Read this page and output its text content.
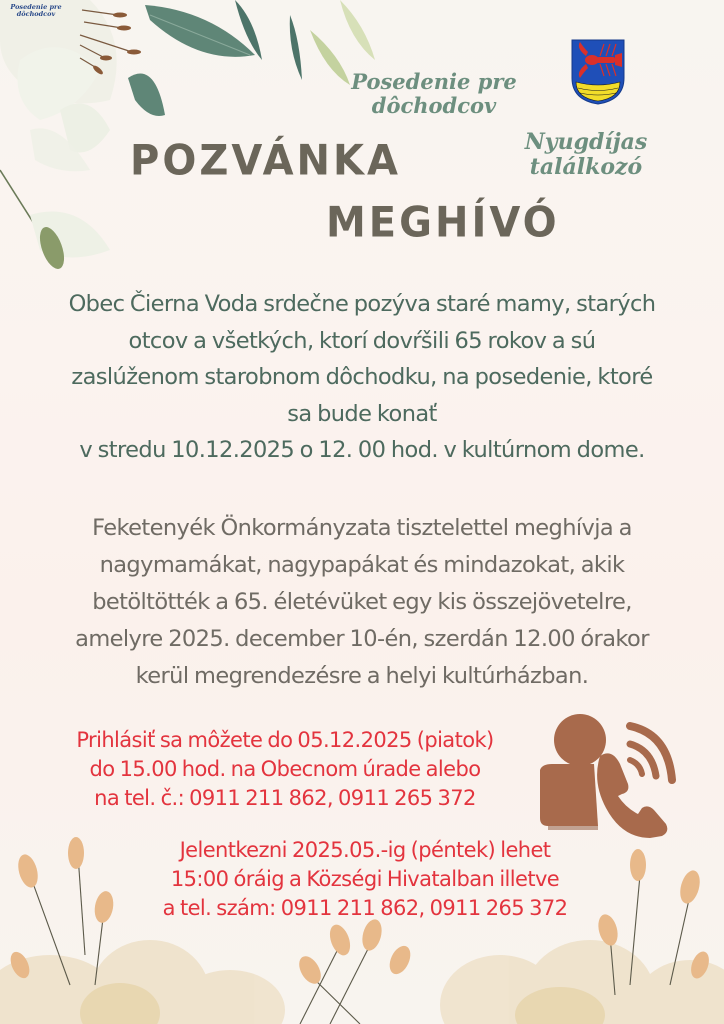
Posedenie pre
dôchodcov
Posedenie pre
dôchodcov
Nyugdíjas
találkozó
POZVÁNKA
MEGHÍVÓ
Obec Čierna Voda srdečne pozýva staré mamy, starých
otcov a všetkých, ktorí dovŕšili 65 rokov a sú
zaslúženom starobnom dôchodku, na posedenie, ktoré
sa bude konať
v stredu 10.12.2025 o 12. 00 hod. v kultúrnom dome.
Feketenyék Önkormányzata tisztelettel meghívja a
nagymamákat, nagypapákat és mindazokat, akik
betöltötték a 65. életévüket egy kis összejövetelre,
amelyre 2025. december 10-én, szerdán 12.00 órakor
kerül megrendezésre a helyi kultúrházban.
Prihlásiť sa môžete do 05.12.2025 (piatok)
do 15.00 hod. na Obecnom úrade alebo
na tel. č.: 0911 211 862, 0911 265 372
Jelentkezni 2025.05.-ig (péntek) lehet
15:00 óráig a Községi Hivatalban illetve
a tel. szám: 0911 211 862, 0911 265 372
